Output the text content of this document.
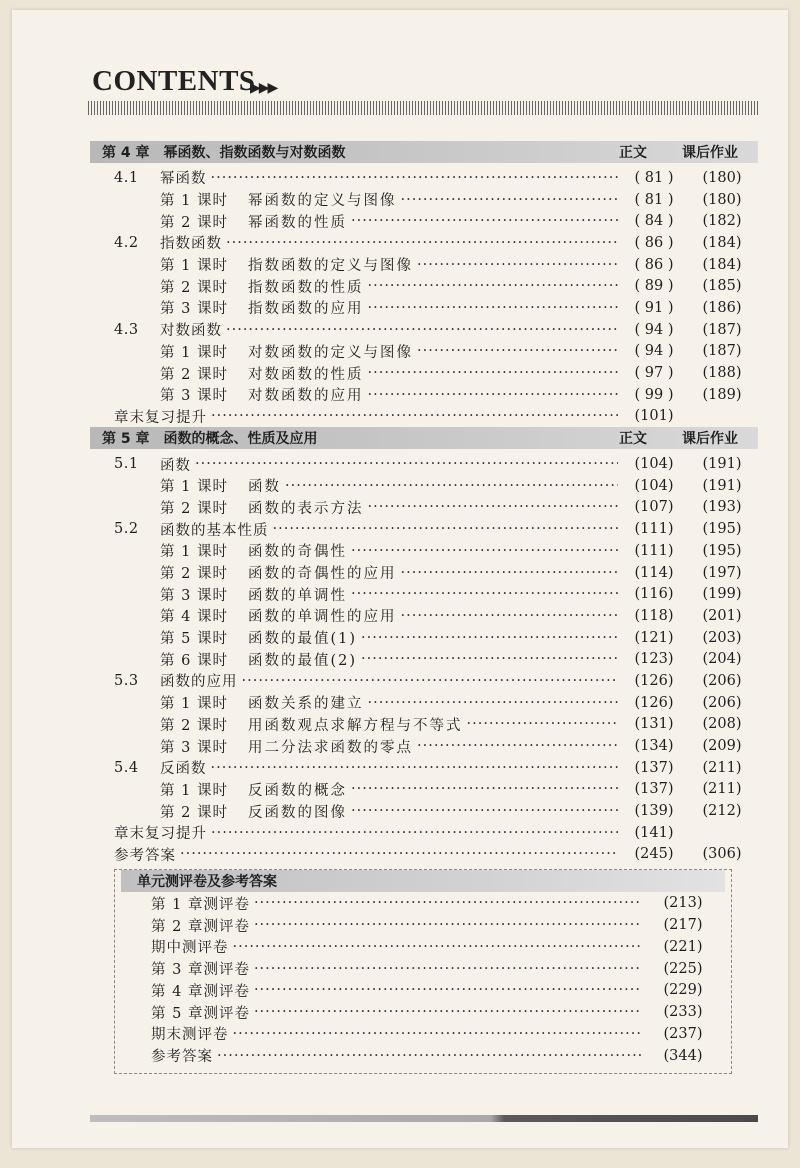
CONTENTS
▶▶▶
第 4 章　幂函数、指数函数与对数函数	正文	课后作业
4.1	幂函数 ·····	( 81 )	(180)
第 1 课时	幂函数的定义与图像 ·····	( 81 )	(180)
第 2 课时	幂函数的性质 ·····	( 84 )	(182)
4.2	指数函数 ·····	( 86 )	(184)
第 1 课时	指数函数的定义与图像 ·····	( 86 )	(184)
第 2 课时	指数函数的性质 ·····	( 89 )	(185)
第 3 课时	指数函数的应用 ·····	( 91 )	(186)
4.3	对数函数 ·····	( 94 )	(187)
第 1 课时	对数函数的定义与图像 ·····	( 94 )	(187)
第 2 课时	对数函数的性质 ·····	( 97 )	(188)
第 3 课时	对数函数的应用 ·····	( 99 )	(189)
章末复习提升 ·····	(101)
第 5 章　函数的概念、性质及应用	正文	课后作业
5.1	函数 ·····	(104)	(191)
第 1 课时	函数 ·····	(104)	(191)
第 2 课时	函数的表示方法 ·····	(107)	(193)
5.2	函数的基本性质 ·····	(111)	(195)
第 1 课时	函数的奇偶性 ·····	(111)	(195)
第 2 课时	函数的奇偶性的应用 ·····	(114)	(197)
第 3 课时	函数的单调性 ·····	(116)	(199)
第 4 课时	函数的单调性的应用 ·····	(118)	(201)
第 5 课时	函数的最值(1) ·····	(121)	(203)
第 6 课时	函数的最值(2) ·····	(123)	(204)
5.3	函数的应用 ·····	(126)	(206)
第 1 课时	函数关系的建立 ·····	(126)	(206)
第 2 课时	用函数观点求解方程与不等式 ·····	(131)	(208)
第 3 课时	用二分法求函数的零点 ·····	(134)	(209)
5.4	反函数 ·····	(137)	(211)
第 1 课时	反函数的概念 ·····	(137)	(211)
第 2 课时	反函数的图像 ·····	(139)	(212)
章末复习提升 ·····	(141)
参考答案 ·····	(245)	(306)
单元测评卷及参考答案
第 1 章测评卷 ·····	(213)
第 2 章测评卷 ·····	(217)
期中测评卷 ·····	(221)
第 3 章测评卷 ·····	(225)
第 4 章测评卷 ·····	(229)
第 5 章测评卷 ·····	(233)
期末测评卷 ·····	(237)
参考答案 ·····	(344)
